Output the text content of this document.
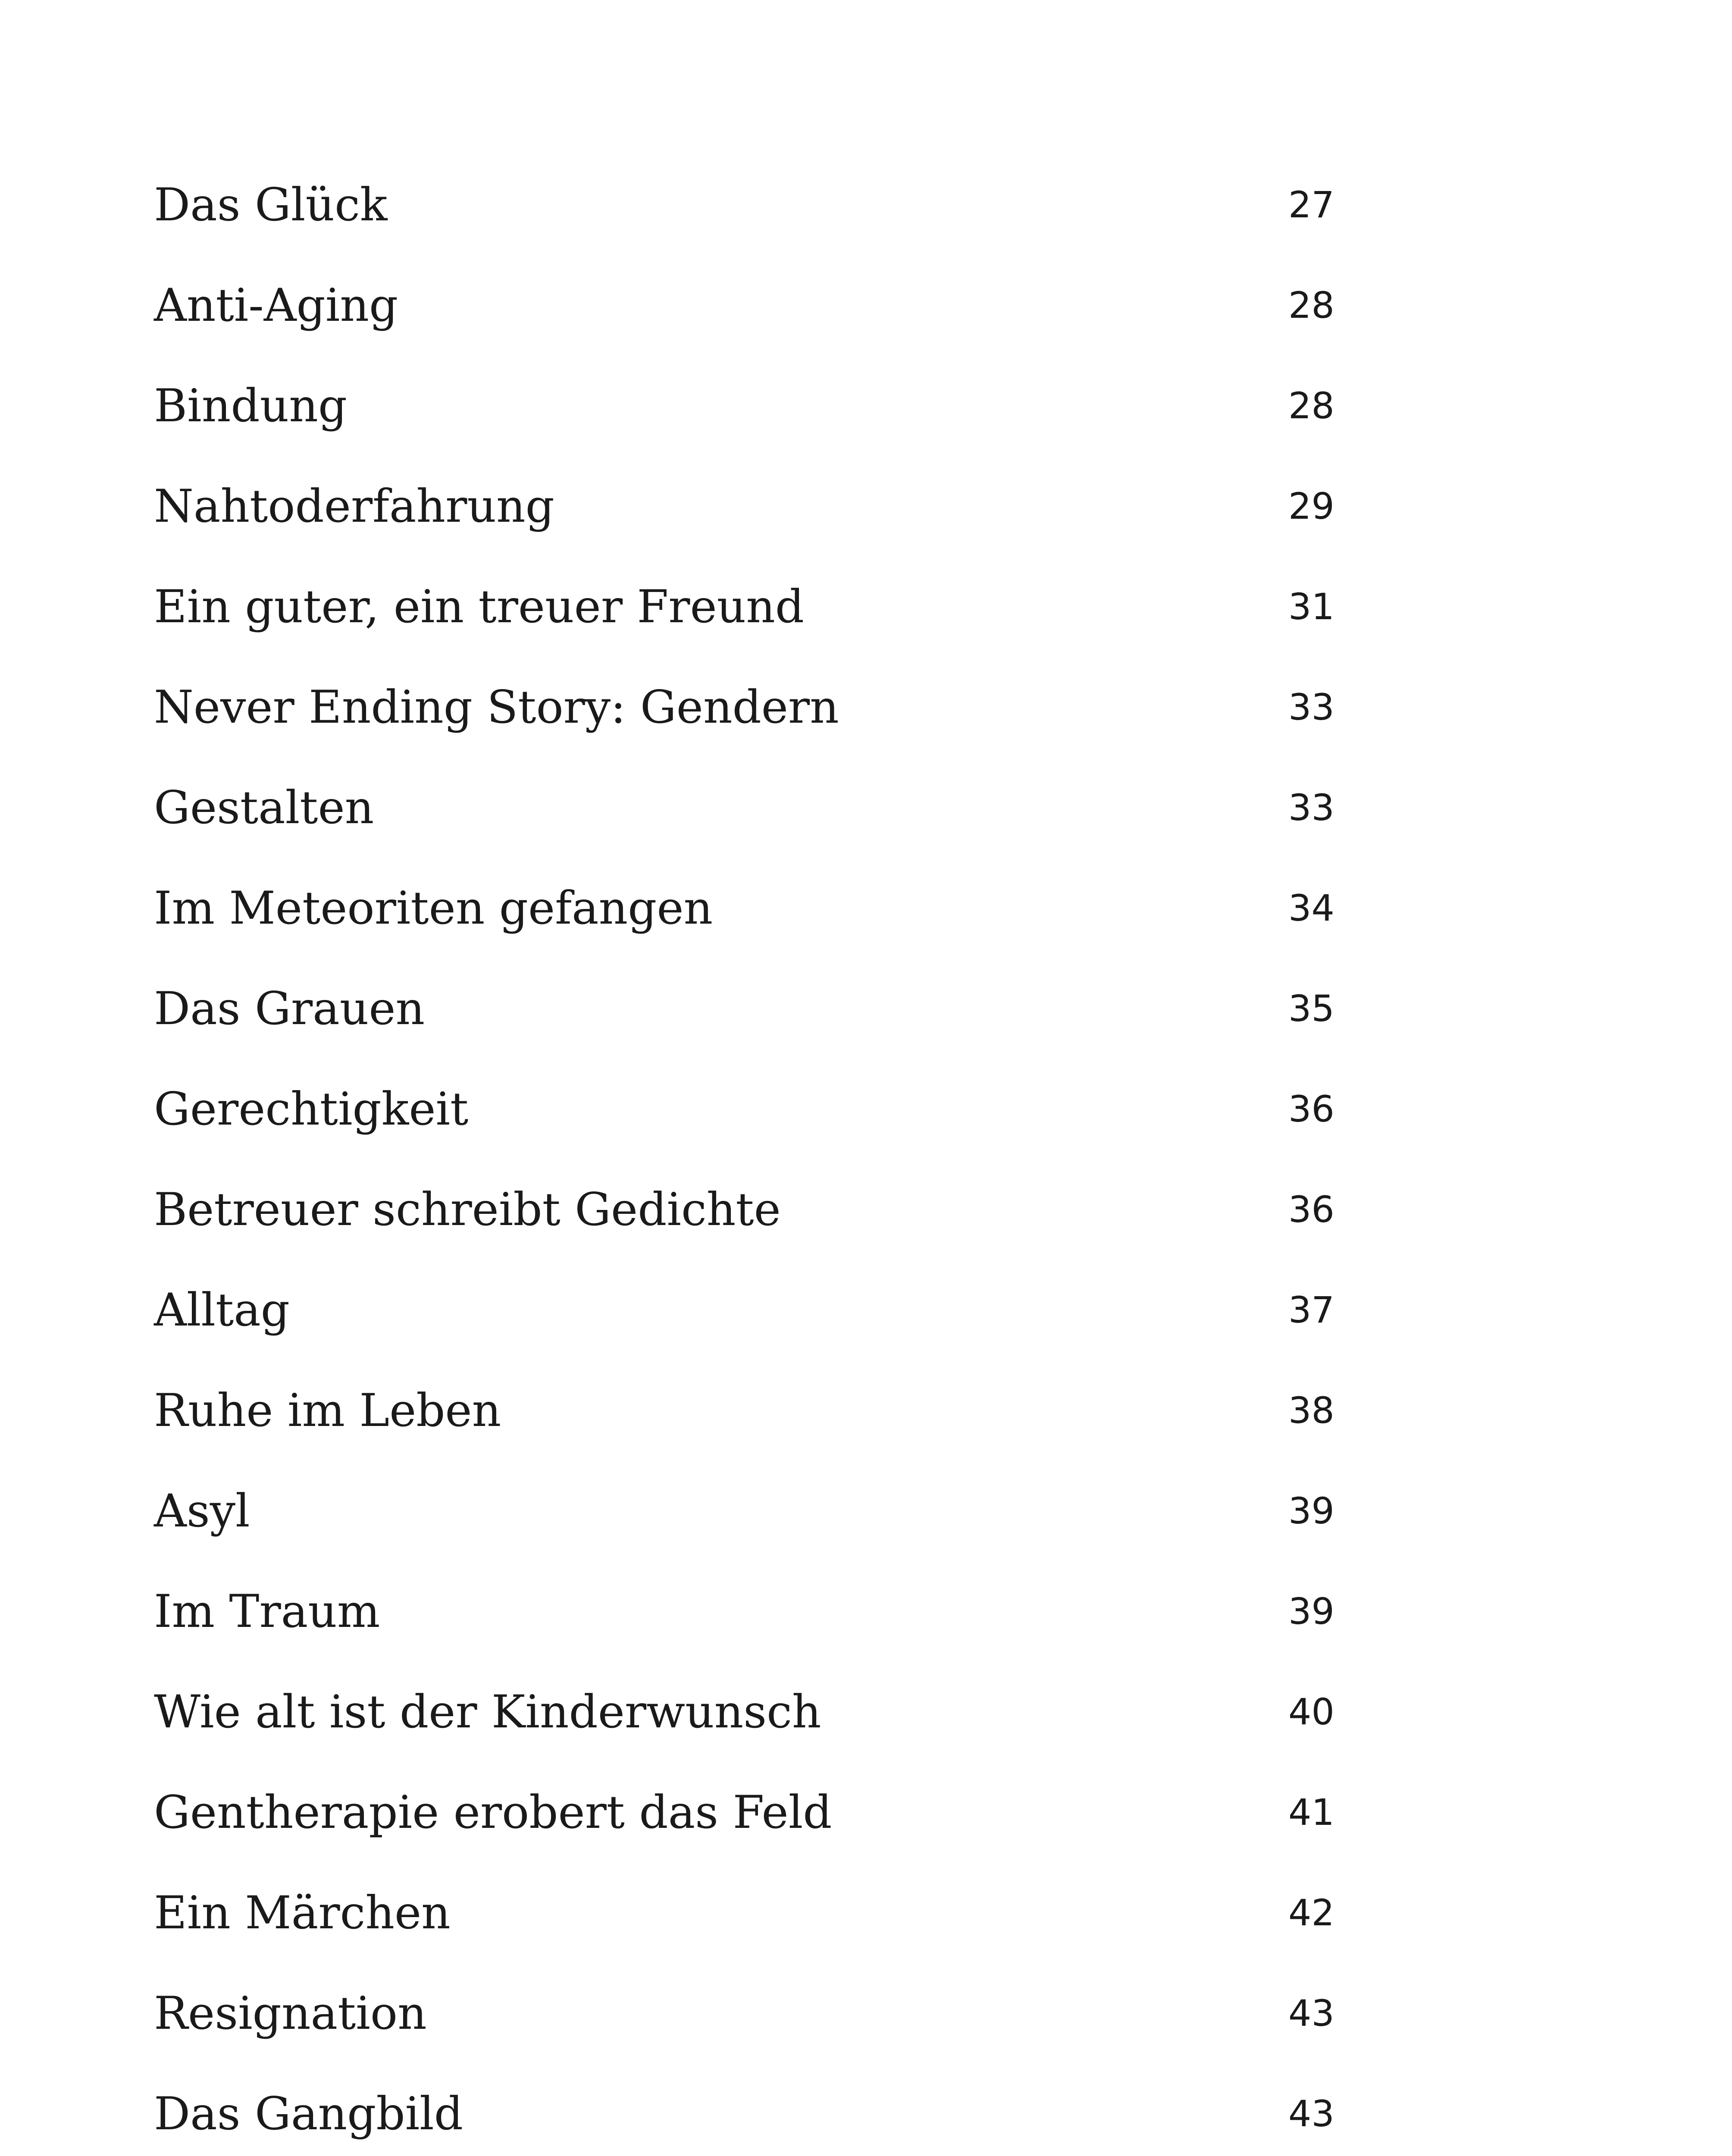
Das Glück	27
Anti-Aging	28
Bindung	28
Nahtoderfahrung	29
Ein guter, ein treuer Freund	31
Never Ending Story: Gendern	33
Gestalten	33
Im Meteoriten gefangen	34
Das Grauen	35
Gerechtigkeit	36
Betreuer schreibt Gedichte	36
Alltag	37
Ruhe im Leben	38
Asyl	39
Im Traum	39
Wie alt ist der Kinderwunsch	40
Gentherapie erobert das Feld	41
Ein Märchen	42
Resignation	43
Das Gangbild	43
